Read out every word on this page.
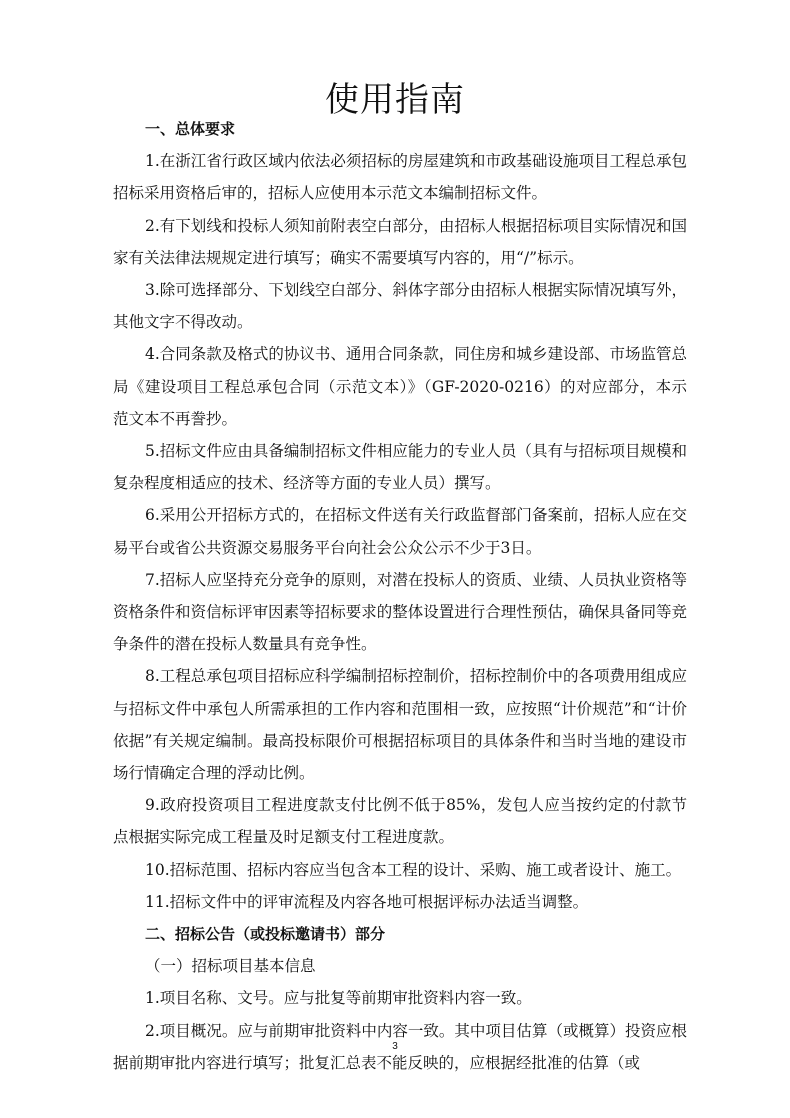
使用指南

一、总体要求

1.在浙江省行政区域内依法必须招标的房屋建筑和市政基础设施项目工程总承包招标采用资格后审的，招标人应使用本示范文本编制招标文件。

2.有下划线和投标人须知前附表空白部分，由招标人根据招标项目实际情况和国家有关法律法规规定进行填写；确实不需要填写内容的，用“/”标示。

3.除可选择部分、下划线空白部分、斜体字部分由招标人根据实际情况填写外，其他文字不得改动。

4.合同条款及格式的协议书、通用合同条款，同住房和城乡建设部、市场监管总局《建设项目工程总承包合同（示范文本）》（GF-2020-0216）的对应部分，本示范文本不再誊抄。

5.招标文件应由具备编制招标文件相应能力的专业人员（具有与招标项目规模和复杂程度相适应的技术、经济等方面的专业人员）撰写。

6.采用公开招标方式的，在招标文件送有关行政监督部门备案前，招标人应在交易平台或省公共资源交易服务平台向社会公众公示不少于3日。

7.招标人应坚持充分竞争的原则，对潜在投标人的资质、业绩、人员执业资格等资格条件和资信标评审因素等招标要求的整体设置进行合理性预估，确保具备同等竞争条件的潜在投标人数量具有竞争性。

8.工程总承包项目招标应科学编制招标控制价，招标控制价中的各项费用组成应与招标文件中承包人所需承担的工作内容和范围相一致，应按照“计价规范”和“计价依据”有关规定编制。最高投标限价可根据招标项目的具体条件和当时当地的建设市场行情确定合理的浮动比例。

9.政府投资项目工程进度款支付比例不低于85%，发包人应当按约定的付款节点根据实际完成工程量及时足额支付工程进度款。

10.招标范围、招标内容应当包含本工程的设计、采购、施工或者设计、施工。

11.招标文件中的评审流程及内容各地可根据评标办法适当调整。

二、招标公告（或投标邀请书）部分

（一）招标项目基本信息

1.项目名称、文号。应与批复等前期审批资料内容一致。

2.项目概况。应与前期审批资料中内容一致。其中项目估算（或概算）投资应根据前期审批内容进行填写；批复汇总表不能反映的，应根据经批准的估算（或

3
